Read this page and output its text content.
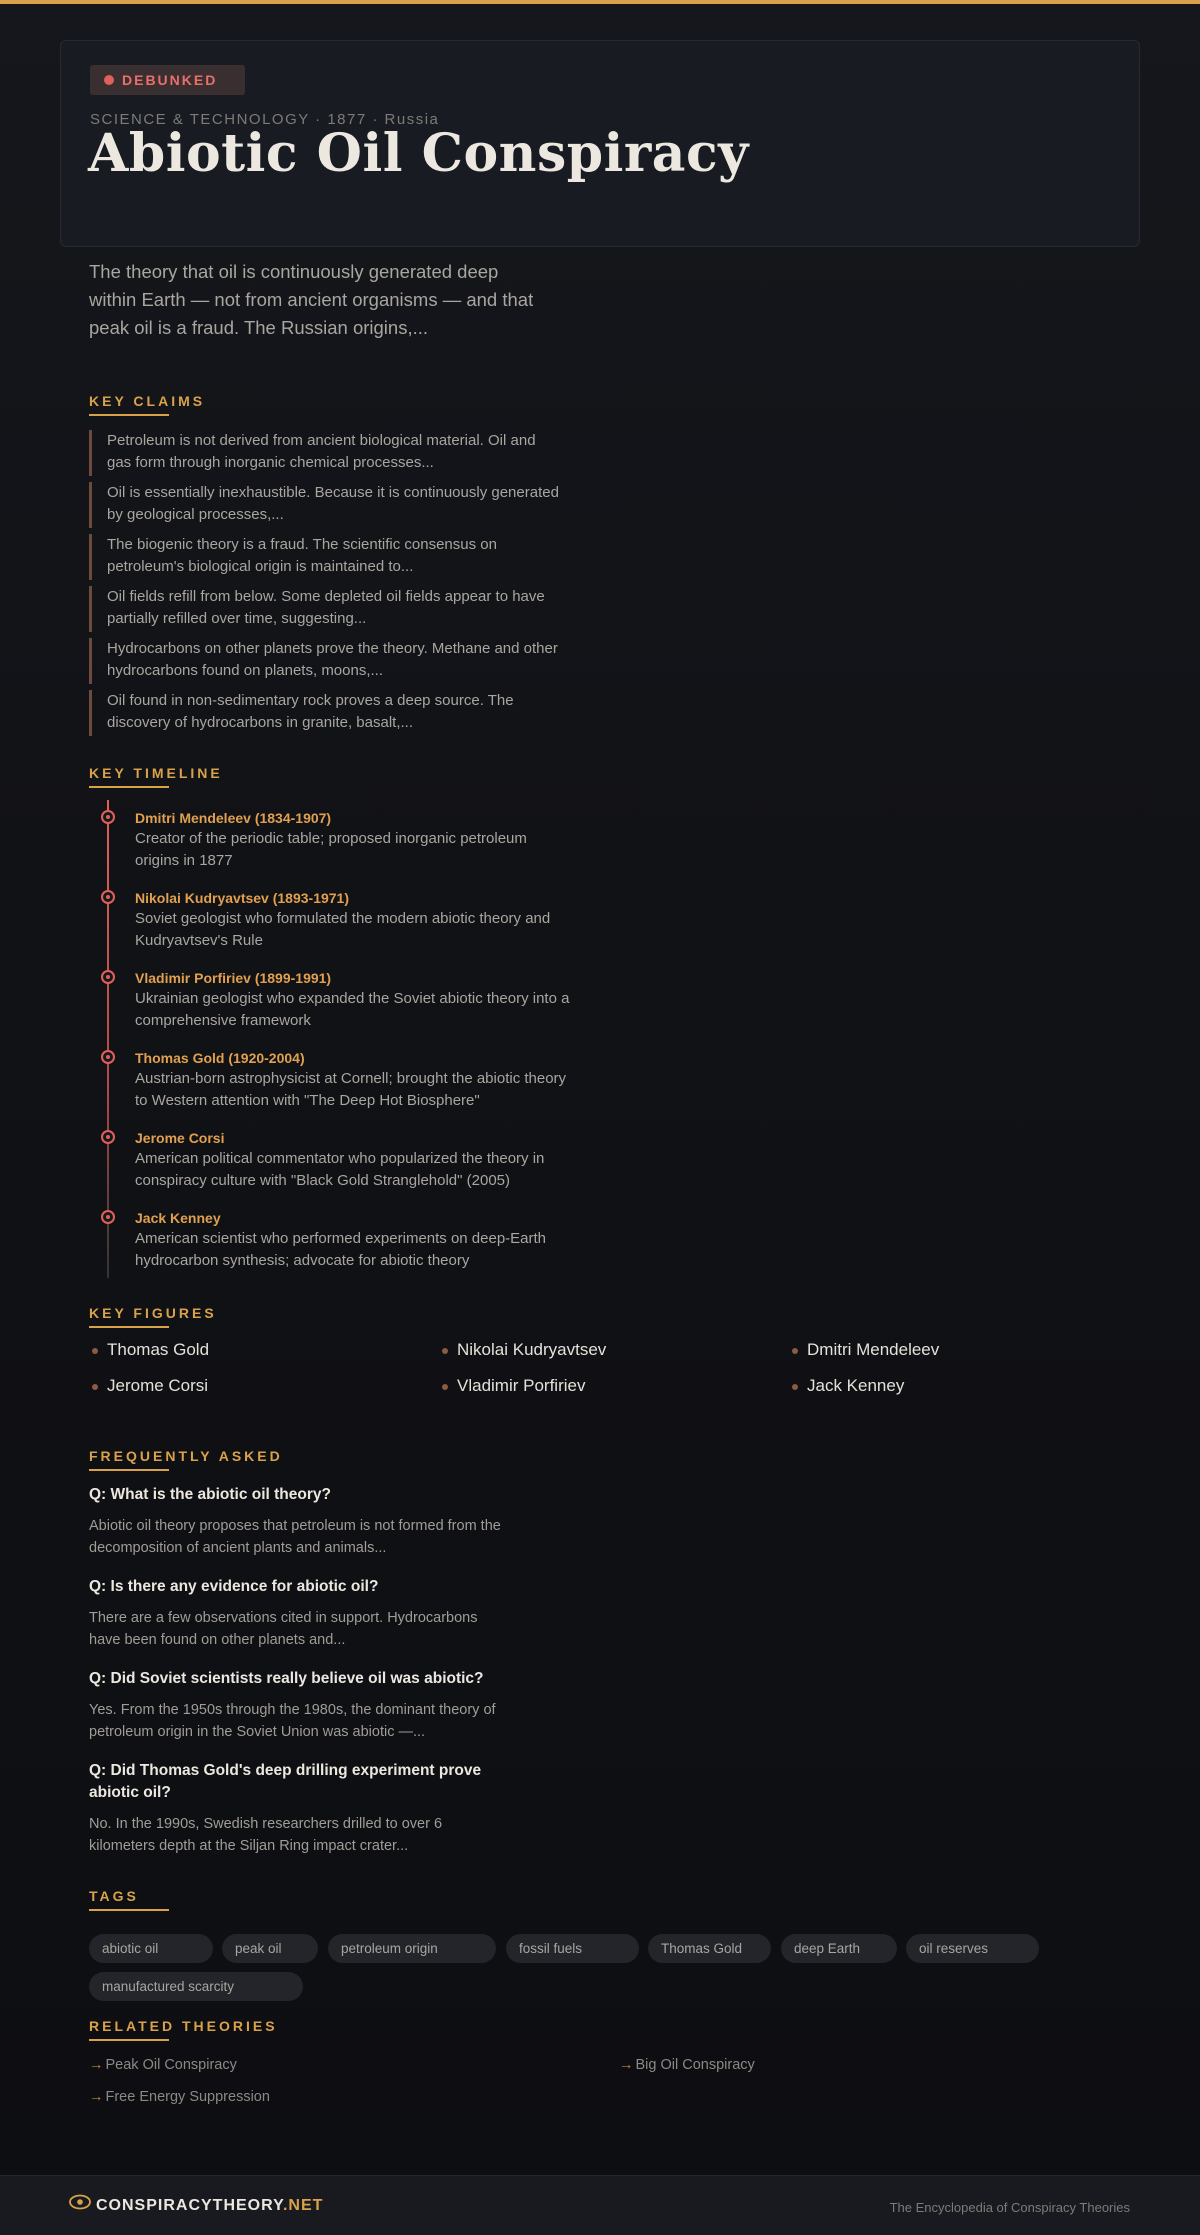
DEBUNKED
SCIENCE & TECHNOLOGY · 1877 · Russia
Abiotic Oil Conspiracy

The theory that oil is continuously generated deep within Earth — not from ancient organisms — and that peak oil is a fraud. The Russian origins,...

KEY CLAIMS
Petroleum is not derived from ancient biological material. Oil and gas form through inorganic chemical processes...
Oil is essentially inexhaustible. Because it is continuously generated by geological processes,...
The biogenic theory is a fraud. The scientific consensus on petroleum's biological origin is maintained to...
Oil fields refill from below. Some depleted oil fields appear to have partially refilled over time, suggesting...
Hydrocarbons on other planets prove the theory. Methane and other hydrocarbons found on planets, moons,...
Oil found in non-sedimentary rock proves a deep source. The discovery of hydrocarbons in granite, basalt,...
KEY TIMELINE
Dmitri Mendeleev (1834-1907)
Creator of the periodic table; proposed inorganic petroleum origins in 1877
Nikolai Kudryavtsev (1893-1971)
Soviet geologist who formulated the modern abiotic theory and Kudryavtsev's Rule
Vladimir Porfiriev (1899-1991)
Ukrainian geologist who expanded the Soviet abiotic theory into a comprehensive framework
Thomas Gold (1920-2004)
Austrian-born astrophysicist at Cornell; brought the abiotic theory to Western attention with "The Deep Hot Biosphere"
Jerome Corsi
American political commentator who popularized the theory in conspiracy culture with "Black Gold Stranglehold" (2005)
Jack Kenney
American scientist who performed experiments on deep-Earth hydrocarbon synthesis; advocate for abiotic theory
KEY FIGURES
Thomas Gold	Nikolai Kudryavtsev	Dmitri Mendeleev
Jerome Corsi	Vladimir Porfiriev	Jack Kenney
FREQUENTLY ASKED
Q: What is the abiotic oil theory?
Abiotic oil theory proposes that petroleum is not formed from the decomposition of ancient plants and animals...
Q: Is there any evidence for abiotic oil?
There are a few observations cited in support. Hydrocarbons have been found on other planets and...
Q: Did Soviet scientists really believe oil was abiotic?
Yes. From the 1950s through the 1980s, the dominant theory of petroleum origin in the Soviet Union was abiotic —...
Q: Did Thomas Gold's deep drilling experiment prove abiotic oil?
No. In the 1990s, Swedish researchers drilled to over 6 kilometers depth at the Siljan Ring impact crater...
TAGS
abiotic oil	peak oil	petroleum origin	fossil fuels	Thomas Gold	deep Earth	oil reserves
manufactured scarcity
RELATED THEORIES
→ Peak Oil Conspiracy	→ Big Oil Conspiracy
→ Free Energy Suppression
CONSPIRACYTHEORY.NET	The Encyclopedia of Conspiracy Theories
